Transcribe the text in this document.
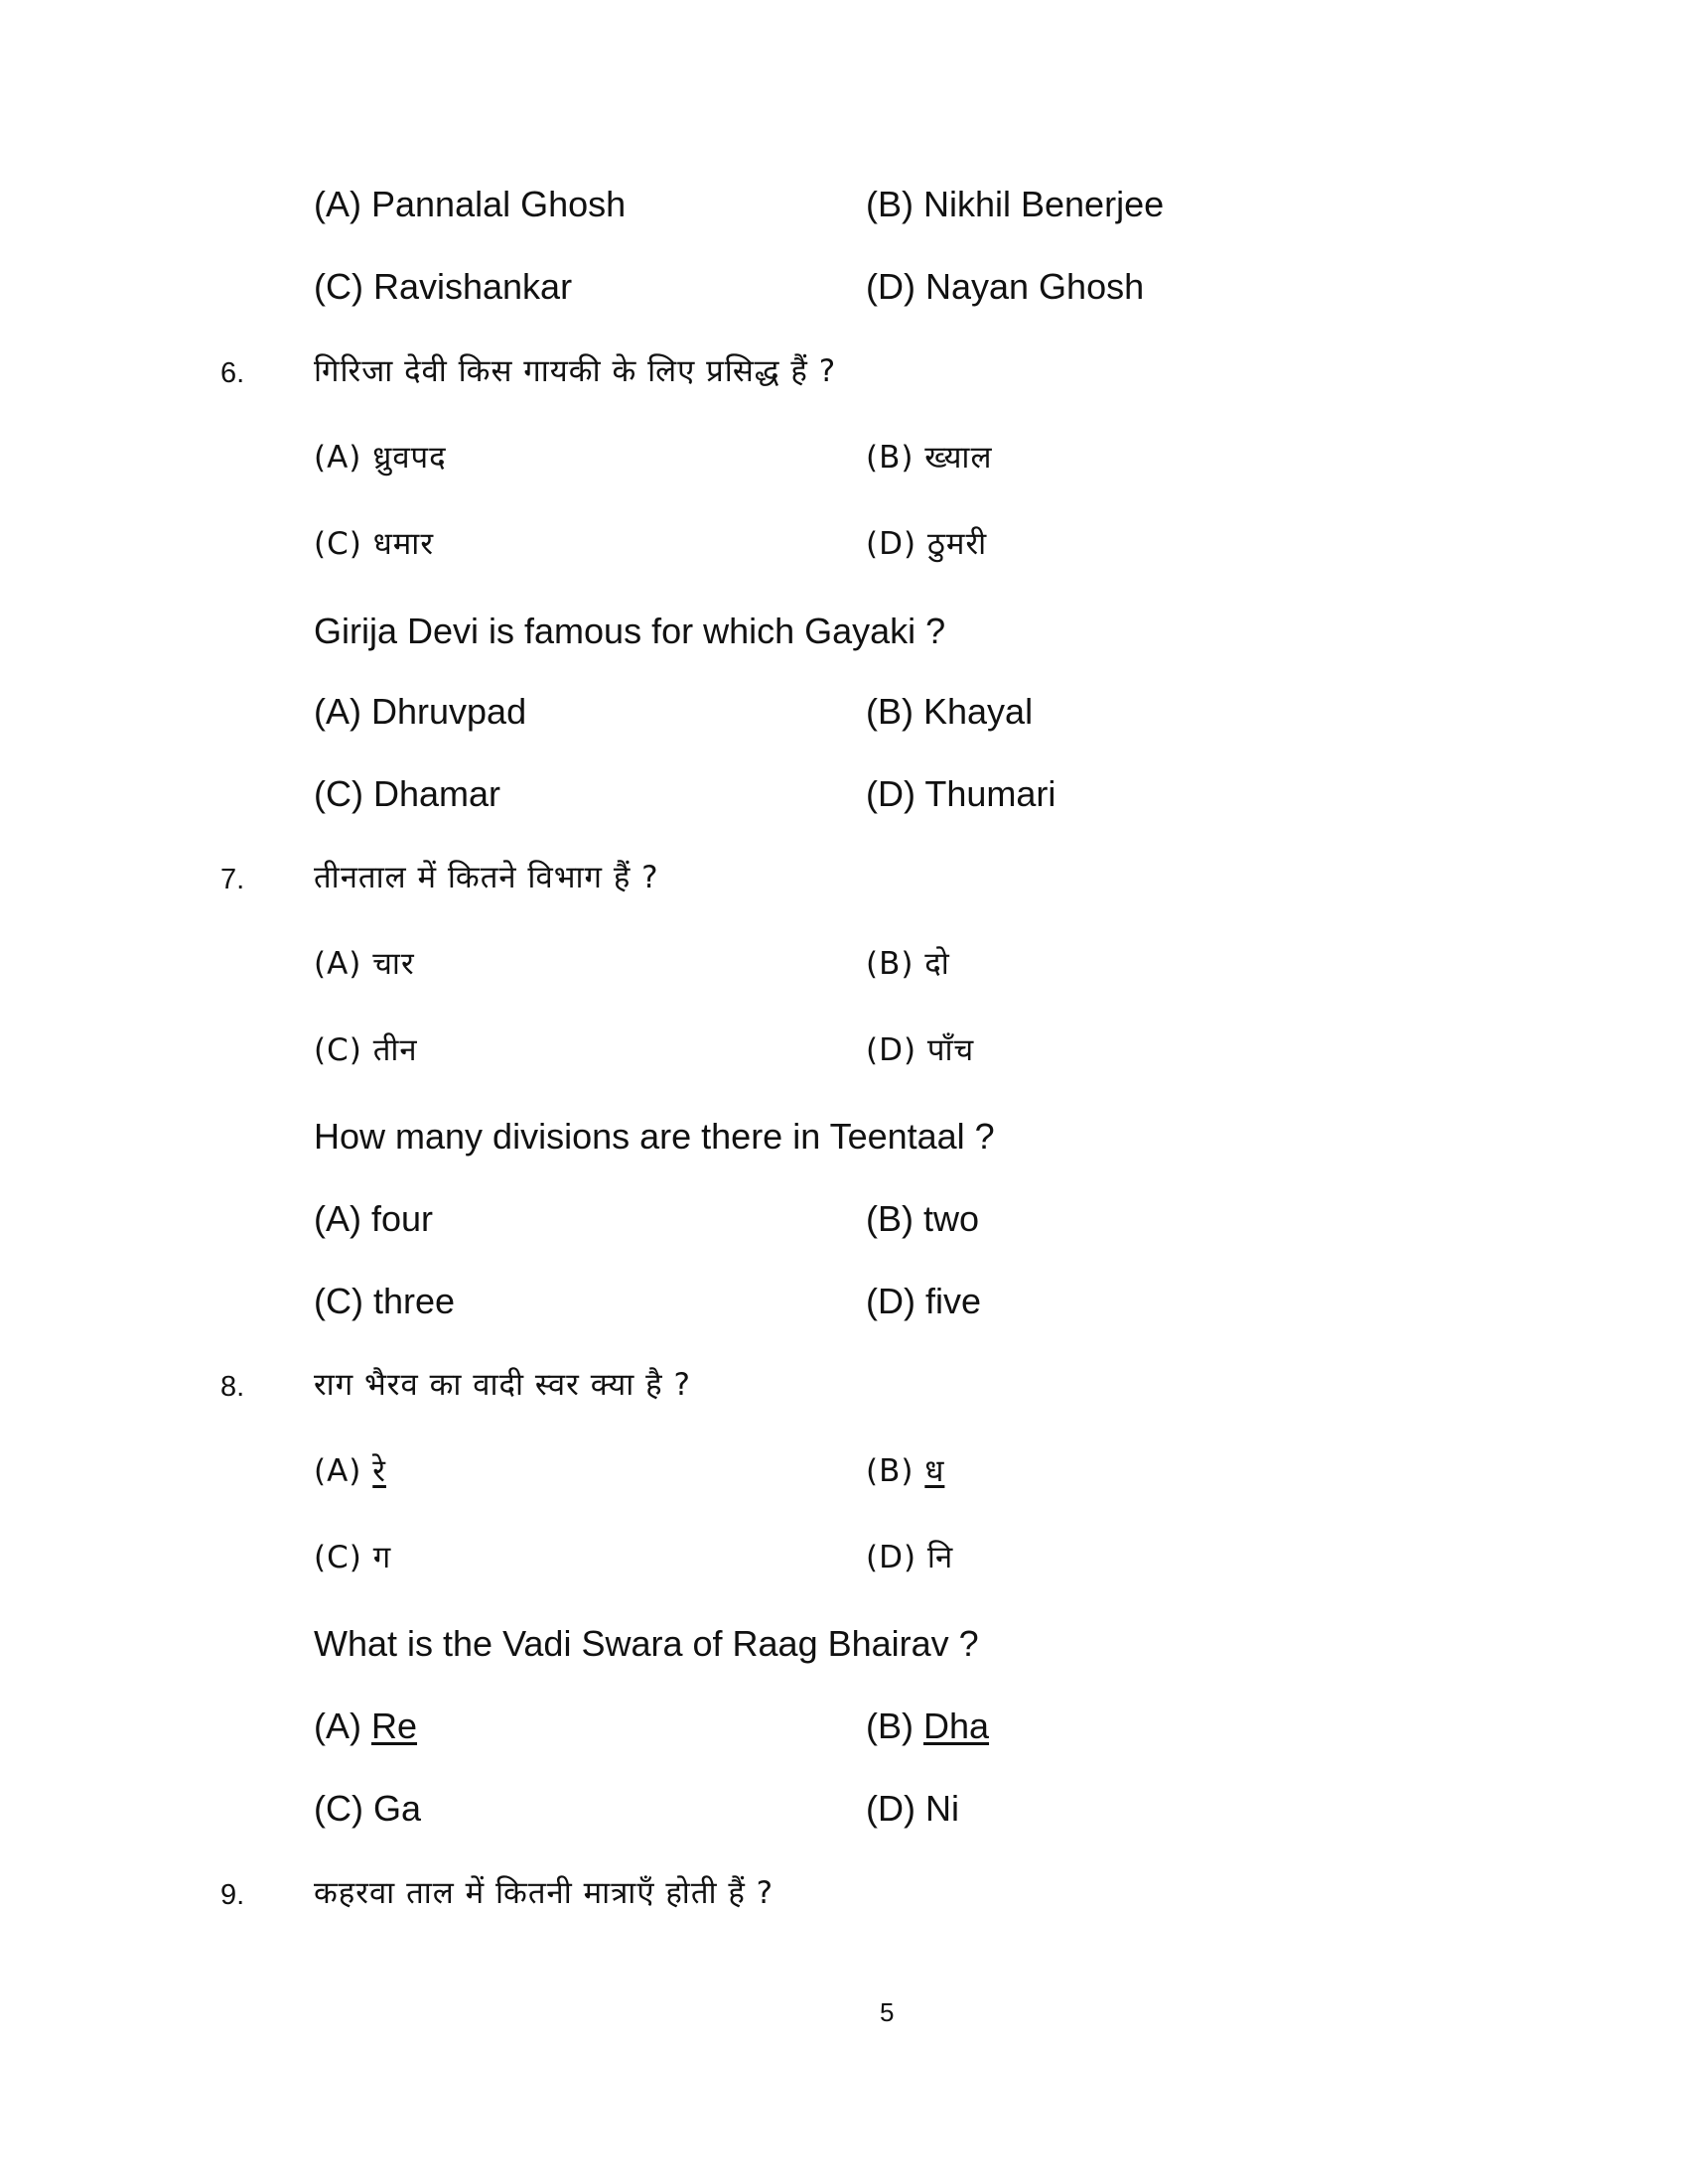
(A) Pannalal Ghosh	(B) Nikhil Benerjee
(C) Ravishankar	(D) Nayan Ghosh
6. गिरिजा देवी किस गायकी के लिए प्रसिद्ध हैं ?
(A) ध्रुवपद	(B) ख्याल
(C) धमार	(D) ठुमरी
Girija Devi is famous for which Gayaki ?
(A) Dhruvpad	(B) Khayal
(C) Dhamar	(D) Thumari
7. तीनताल में कितने विभाग हैं ?
(A) चार	(B) दो
(C) तीन	(D) पाँच
How many divisions are there in Teentaal ?
(A) four	(B) two
(C) three	(D) five
8. राग भैरव का वादी स्वर क्या है ?
(A) रे	(B) ध
(C) ग	(D) नि
What is the Vadi Swara of Raag Bhairav ?
(A) Re	(B) Dha
(C) Ga	(D) Ni
9. कहरवा ताल में कितनी मात्राएँ होती हैं ?
5
